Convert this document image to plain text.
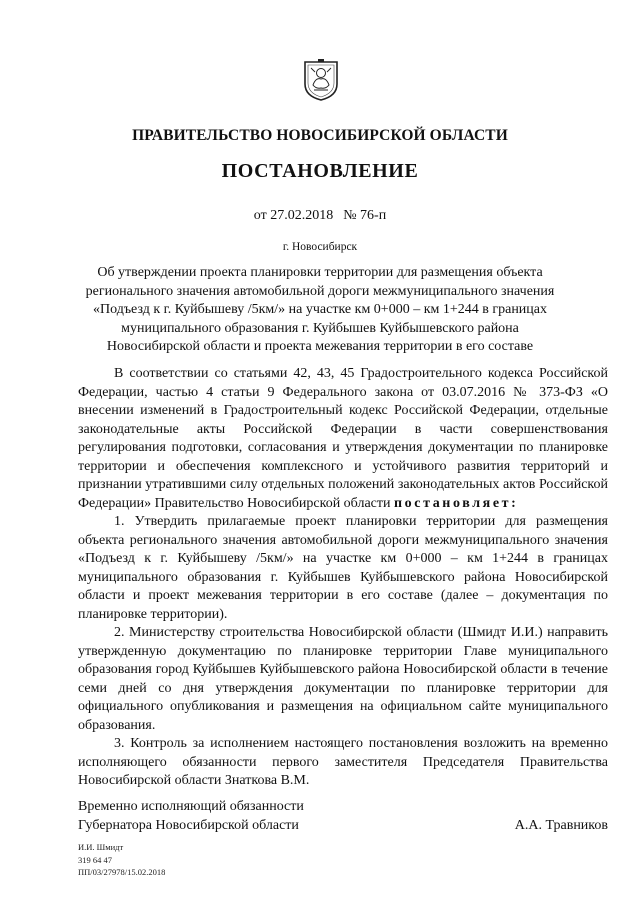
ПРАВИТЕЛЬСТВО НОВОСИБИРСКОЙ ОБЛАСТИ
ПОСТАНОВЛЕНИЕ
от 27.02.2018 № 76-п
г. Новосибирск
Об утверждении проекта планировки территории для размещения объекта
регионального значения автомобильной дороги межмуниципального значения
«Подъезд к г. Куйбышеву /5км/» на участке км 0+000 – км 1+244 в границах
муниципального образования г. Куйбышев Куйбышевского района
Новосибирской области и проекта межевания территории в его составе

В соответствии со статьями 42, 43, 45 Градостроительного кодекса Российской Федерации, частью 4 статьи 9 Федерального закона от 03.07.2016 № 373-ФЗ «О внесении изменений в Градостроительный кодекс Российской Федерации, отдельные законодательные акты Российской Федерации в части совершенствования регулирования подготовки, согласования и утверждения документации по планировке территории и обеспечения комплексного и устойчивого развития территорий и признании утратившими силу отдельных положений законодательных актов Российской Федерации» Правительство Новосибирской области постановляет:

1. Утвердить прилагаемые проект планировки территории для размещения объекта регионального значения автомобильной дороги межмуниципального значения «Подъезд к г. Куйбышеву /5км/» на участке км 0+000 – км 1+244 в границах муниципального образования г. Куйбышев Куйбышевского района Новосибирской области и проект межевания территории в его составе (далее – документация по планировке территории).

2. Министерству строительства Новосибирской области (Шмидт И.И.) направить утвержденную документацию по планировке территории Главе муниципального образования город Куйбышев Куйбышевского района Новосибирской области в течение семи дней со дня утверждения документации по планировке территории для официального опубликования и размещения на официальном сайте муниципального образования.

3. Контроль за исполнением настоящего постановления возложить на временно исполняющего обязанности первого заместителя Председателя Правительства Новосибирской области Знаткова В.М.

Временно исполняющий обязанности
Губернатора Новосибирской области	А.А. Травников
И.И. Шмидт
319 64 47
ПП/03/27978/15.02.2018
